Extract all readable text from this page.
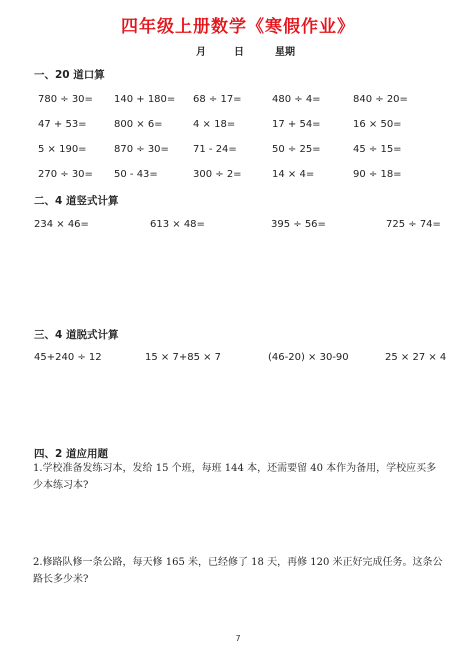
四年级上册数学《寒假作业》
月	日	星期
一、20 道口算
780 ÷ 30= 140 + 180= 68 ÷ 17=	480 ÷ 4=	840 ÷ 20=
47 + 53=	800 × 6=	4 × 18=	17 + 54=	16 × 50=
5 × 190=	870 ÷ 30= 71 - 24=	50 ÷ 25=	45 ÷ 15=
270 ÷ 30= 50 - 43=	300 ÷ 2=	14 × 4=	90 ÷ 18=
二、4 道竖式计算
234 × 46=	613 × 48=	395 ÷ 56=	725 ÷ 74=
三、4 道脱式计算
45+240 ÷ 12	15 × 7+85 × 7	(46-20) × 30-90	25 × 27 × 4
四、2 道应用题
1.学校准备发练习本，发给 15 个班，每班 144 本，还需要留 40 本作为备用，学校应买多少本练习本?
2.修路队修一条公路，每天修 165 米，已经修了 18 天，再修 120 米正好完成任务。这条公路长多少米?
7
